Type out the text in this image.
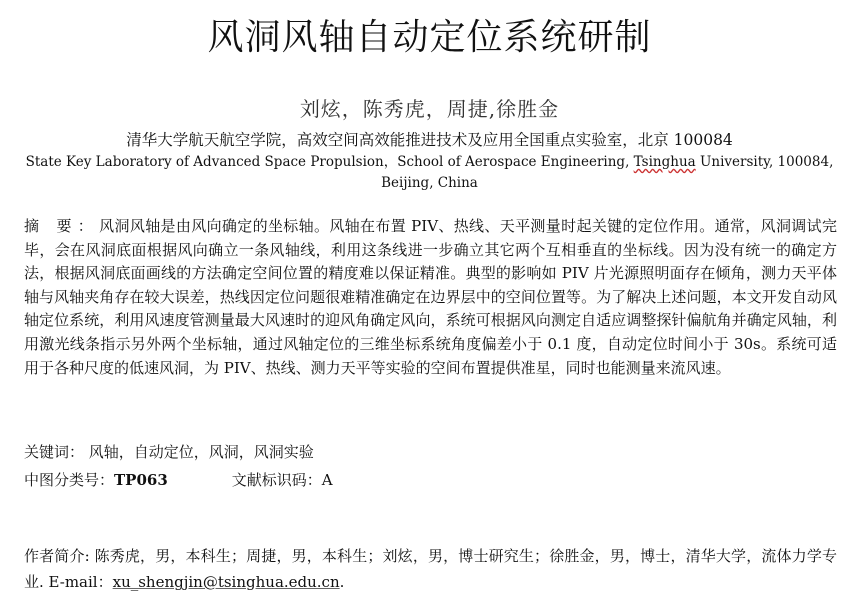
风洞风轴自动定位系统研制
刘炫，陈秀虎，周捷,徐胜金
清华大学航天航空学院，高效空间高效能推进技术及应用全国重点实验室，北京 100084
State Key Laboratory of Advanced Space Propulsion，School of Aerospace Engineering, Tsinghua University, 100084, Beijing, China
摘 要：风洞风轴是由风向确定的坐标轴。风轴在布置 PIV、热线、天平测量时起关键的定位作用。通常，风洞调试完毕，会在风洞底面根据风向确立一条风轴线，利用这条线进一步确立其它两个互相垂直的坐标线。因为没有统一的确定方法，根据风洞底面画线的方法确定空间位置的精度难以保证精准。典型的影响如 PIV 片光源照明面存在倾角，测力天平体轴与风轴夹角存在较大误差，热线因定位问题很难精准确定在边界层中的空间位置等。为了解决上述问题，本文开发自动风轴定位系统，利用风速度管测量最大风速时的迎风角确定风向，系统可根据风向测定自适应调整探针偏航角并确定风轴，利用激光线条指示另外两个坐标轴，通过风轴定位的三维坐标系统角度偏差小于 0.1 度，自动定位时间小于 30s。系统可适用于各种尺度的低速风洞，为 PIV、热线、测力天平等实验的空间布置提供准星，同时也能测量来流风速。
关键词： 风轴，自动定位，风洞，风洞实验
中图分类号：TP063	文献标识码：A
作者简介: 陈秀虎，男，本科生；周捷，男，本科生；刘炫，男，博士研究生；徐胜金，男，博士，清华大学，流体力学专业. E-mail：xu_shengjin@tsinghua.edu.cn.
